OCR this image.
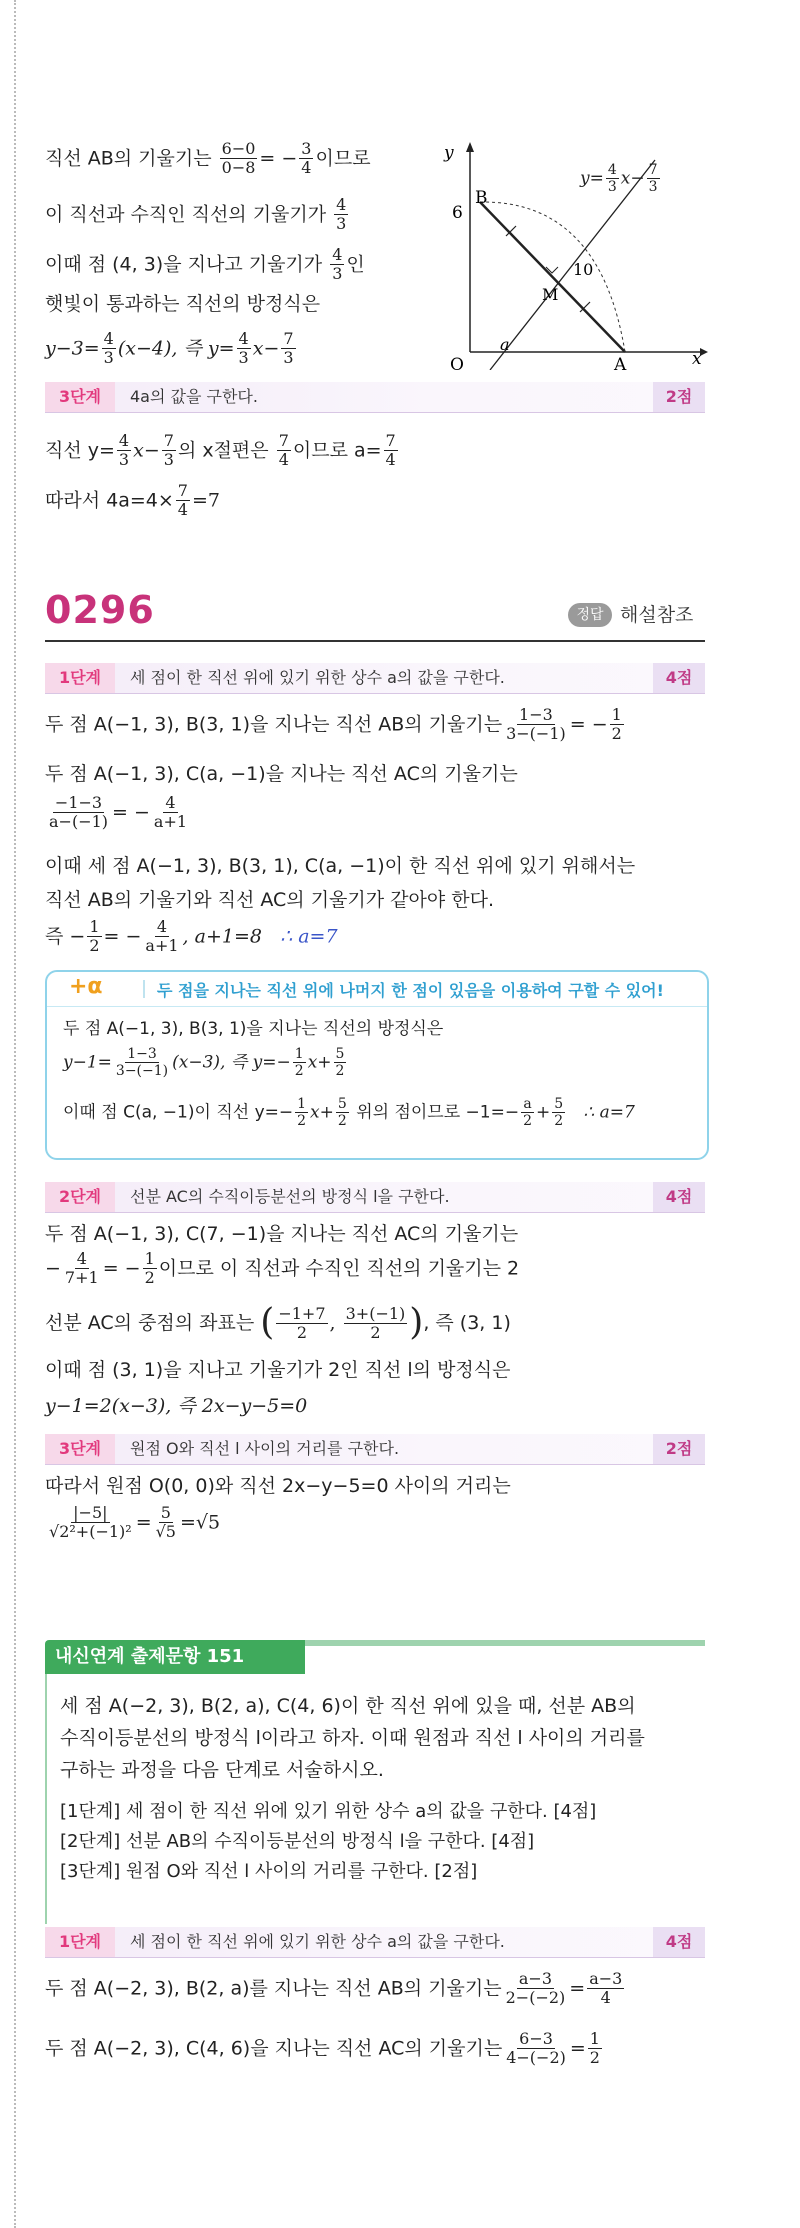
직선 AB의 기울기는 $\frac{6-0}{0-8}$ = − $\frac{3}{4}$ 이므로
이 직선과 수직인 직선의 기울기가 $\frac{4}{3}$
이때 점 (4, 3)을 지나고 기울기가 $\frac{4}{3}$ 인
햇빛이 통과하는 직선의 방정식은
$y-3= \frac{4}{3} (x-4)$, 즉 $y= \frac{4}{3} x- \frac{7}{3}$
y
x
O
6
B
A
a
M
10
$y= \frac{4}{3} x- \frac{7}{3}$
3단계	4a의 값을 구한다.	2점
직선 $y= \frac{4}{3} x- \frac{7}{3}$ 의 x절편은 $\frac{7}{4}$ 이므로 $a= \frac{7}{4}$
따라서 $4a=4\times \frac{7}{4} =7$
0296	정답 해설참조
1단계	세 점이 한 직선 위에 있기 위한 상수 a의 값을 구한다.	4점
두 점 A(−1, 3), B(3, 1)을 지나는 직선 AB의 기울기는 $\frac{1-3}{3-(-1)}$ = − $\frac{1}{2}$
두 점 A(−1, 3), C(a, −1)을 지나는 직선 AC의 기울기는
$\frac{-1-3}{a-(-1)}$ = − $\frac{4}{a+1}$
이때 세 점 A(−1, 3), B(3, 1), C(a, −1)이 한 직선 위에 있기 위해서는
직선 AB의 기울기와 직선 AC의 기울기가 같아야 한다.
즉 − $\frac{1}{2}$ = − $\frac{4}{a+1}$ , a+1=8 ∴ a=7
+α	두 점을 지나는 직선 위에 나머지 한 점이 있음을 이용하여 구할 수 있어!
두 점 A(−1, 3), B(3, 1)을 지나는 직선의 방정식은
$y-1= \frac{1-3}{3-(-1)} (x-3)$, 즉 $y=- \frac{1}{2} x+ \frac{5}{2}$
이때 점 C(a, −1)이 직선 $y=- \frac{1}{2} x+ \frac{5}{2}$ 위의 점이므로 $-1=- \frac{a}{2} + \frac{5}{2}$ ∴ a=7
2단계	선분 AC의 수직이등분선의 방정식 l을 구한다.	4점
두 점 A(−1, 3), C(7, −1)을 지나는 직선 AC의 기울기는
− $\frac{4}{7+1}$ = − $\frac{1}{2}$ 이므로 이 직선과 수직인 직선의 기울기는 2
선분 AC의 중점의 좌표는 ( $\frac{-1+7}{2}$ , $\frac{3+(-1)}{2}$ ), 즉 (3, 1)
이때 점 (3, 1)을 지나고 기울기가 2인 직선 l의 방정식은
y−1=2(x−3), 즉 2x−y−5=0
3단계	원점 O와 직선 l 사이의 거리를 구한다.	2점
따라서 원점 O(0, 0)와 직선 2x−y−5=0 사이의 거리는
$\frac{|-5|}{\text{√2²+(−1)²}} = \frac{5}{√5} =√5$
내신연계 출제문항 151
세 점 A(−2, 3), B(2, a), C(4, 6)이 한 직선 위에 있을 때, 선분 AB의
수직이등분선의 방정식 l이라고 하자. 이때 원점과 직선 l 사이의 거리를
구하는 과정을 다음 단계로 서술하시오.
[1단계] 세 점이 한 직선 위에 있기 위한 상수 a의 값을 구한다. [4점]
[2단계] 선분 AB의 수직이등분선의 방정식 l을 구한다. [4점]
[3단계] 원점 O와 직선 l 사이의 거리를 구한다. [2점]
1단계	세 점이 한 직선 위에 있기 위한 상수 a의 값을 구한다.	4점
두 점 A(−2, 3), B(2, a)를 지나는 직선 AB의 기울기는 $\frac{a-3}{2-(-2)} = \frac{a-3}{4}$
두 점 A(−2, 3), C(4, 6)을 지나는 직선 AC의 기울기는 $\frac{6-3}{4-(-2)} = \frac{1}{2}$
